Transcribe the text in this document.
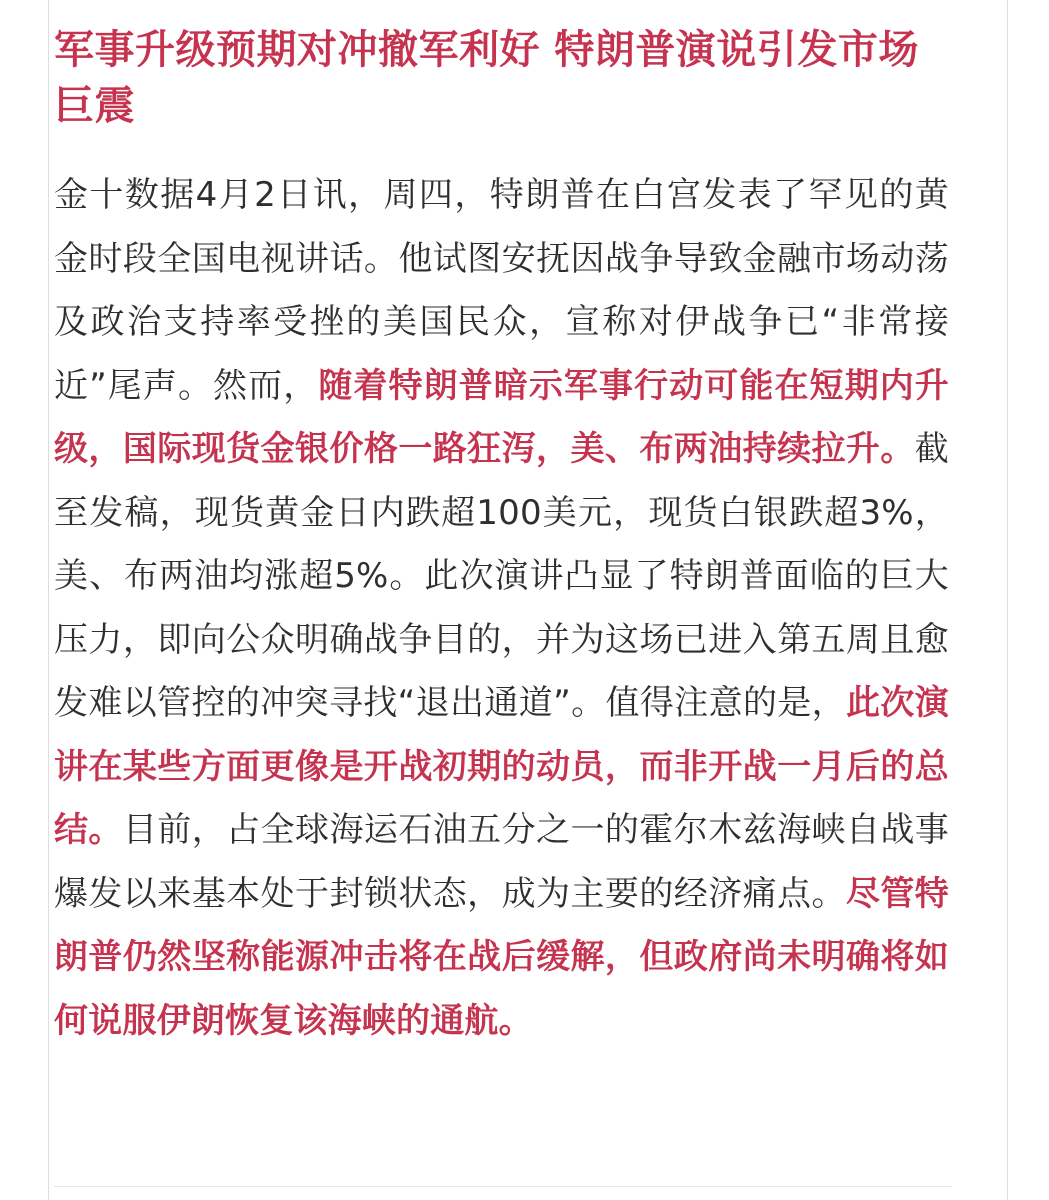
军事升级预期对冲撤军利好 特朗普演说引发市场巨震
金十数据4月2日讯，周四，特朗普在白宫发表了罕见的黄金时段全国电视讲话。他试图安抚因战争导致金融市场动荡及政治支持率受挫的美国民众，宣称对伊战争已“非常接近”尾声。然而，随着特朗普暗示军事行动可能在短期内升级，国际现货金银价格一路狂泻，美、布两油持续拉升。截至发稿，现货黄金日内跌超100美元，现货白银跌超3%，美、布两油均涨超5%。此次演讲凸显了特朗普面临的巨大压力，即向公众明确战争目的，并为这场已进入第五周且愈发难以管控的冲突寻找“退出通道”。值得注意的是，此次演讲在某些方面更像是开战初期的动员，而非开战一月后的总结。目前，占全球海运石油五分之一的霍尔木兹海峡自战事爆发以来基本处于封锁状态，成为主要的经济痛点。尽管特朗普仍然坚称能源冲击将在战后缓解，但政府尚未明确将如何说服伊朗恢复该海峡的通航。
